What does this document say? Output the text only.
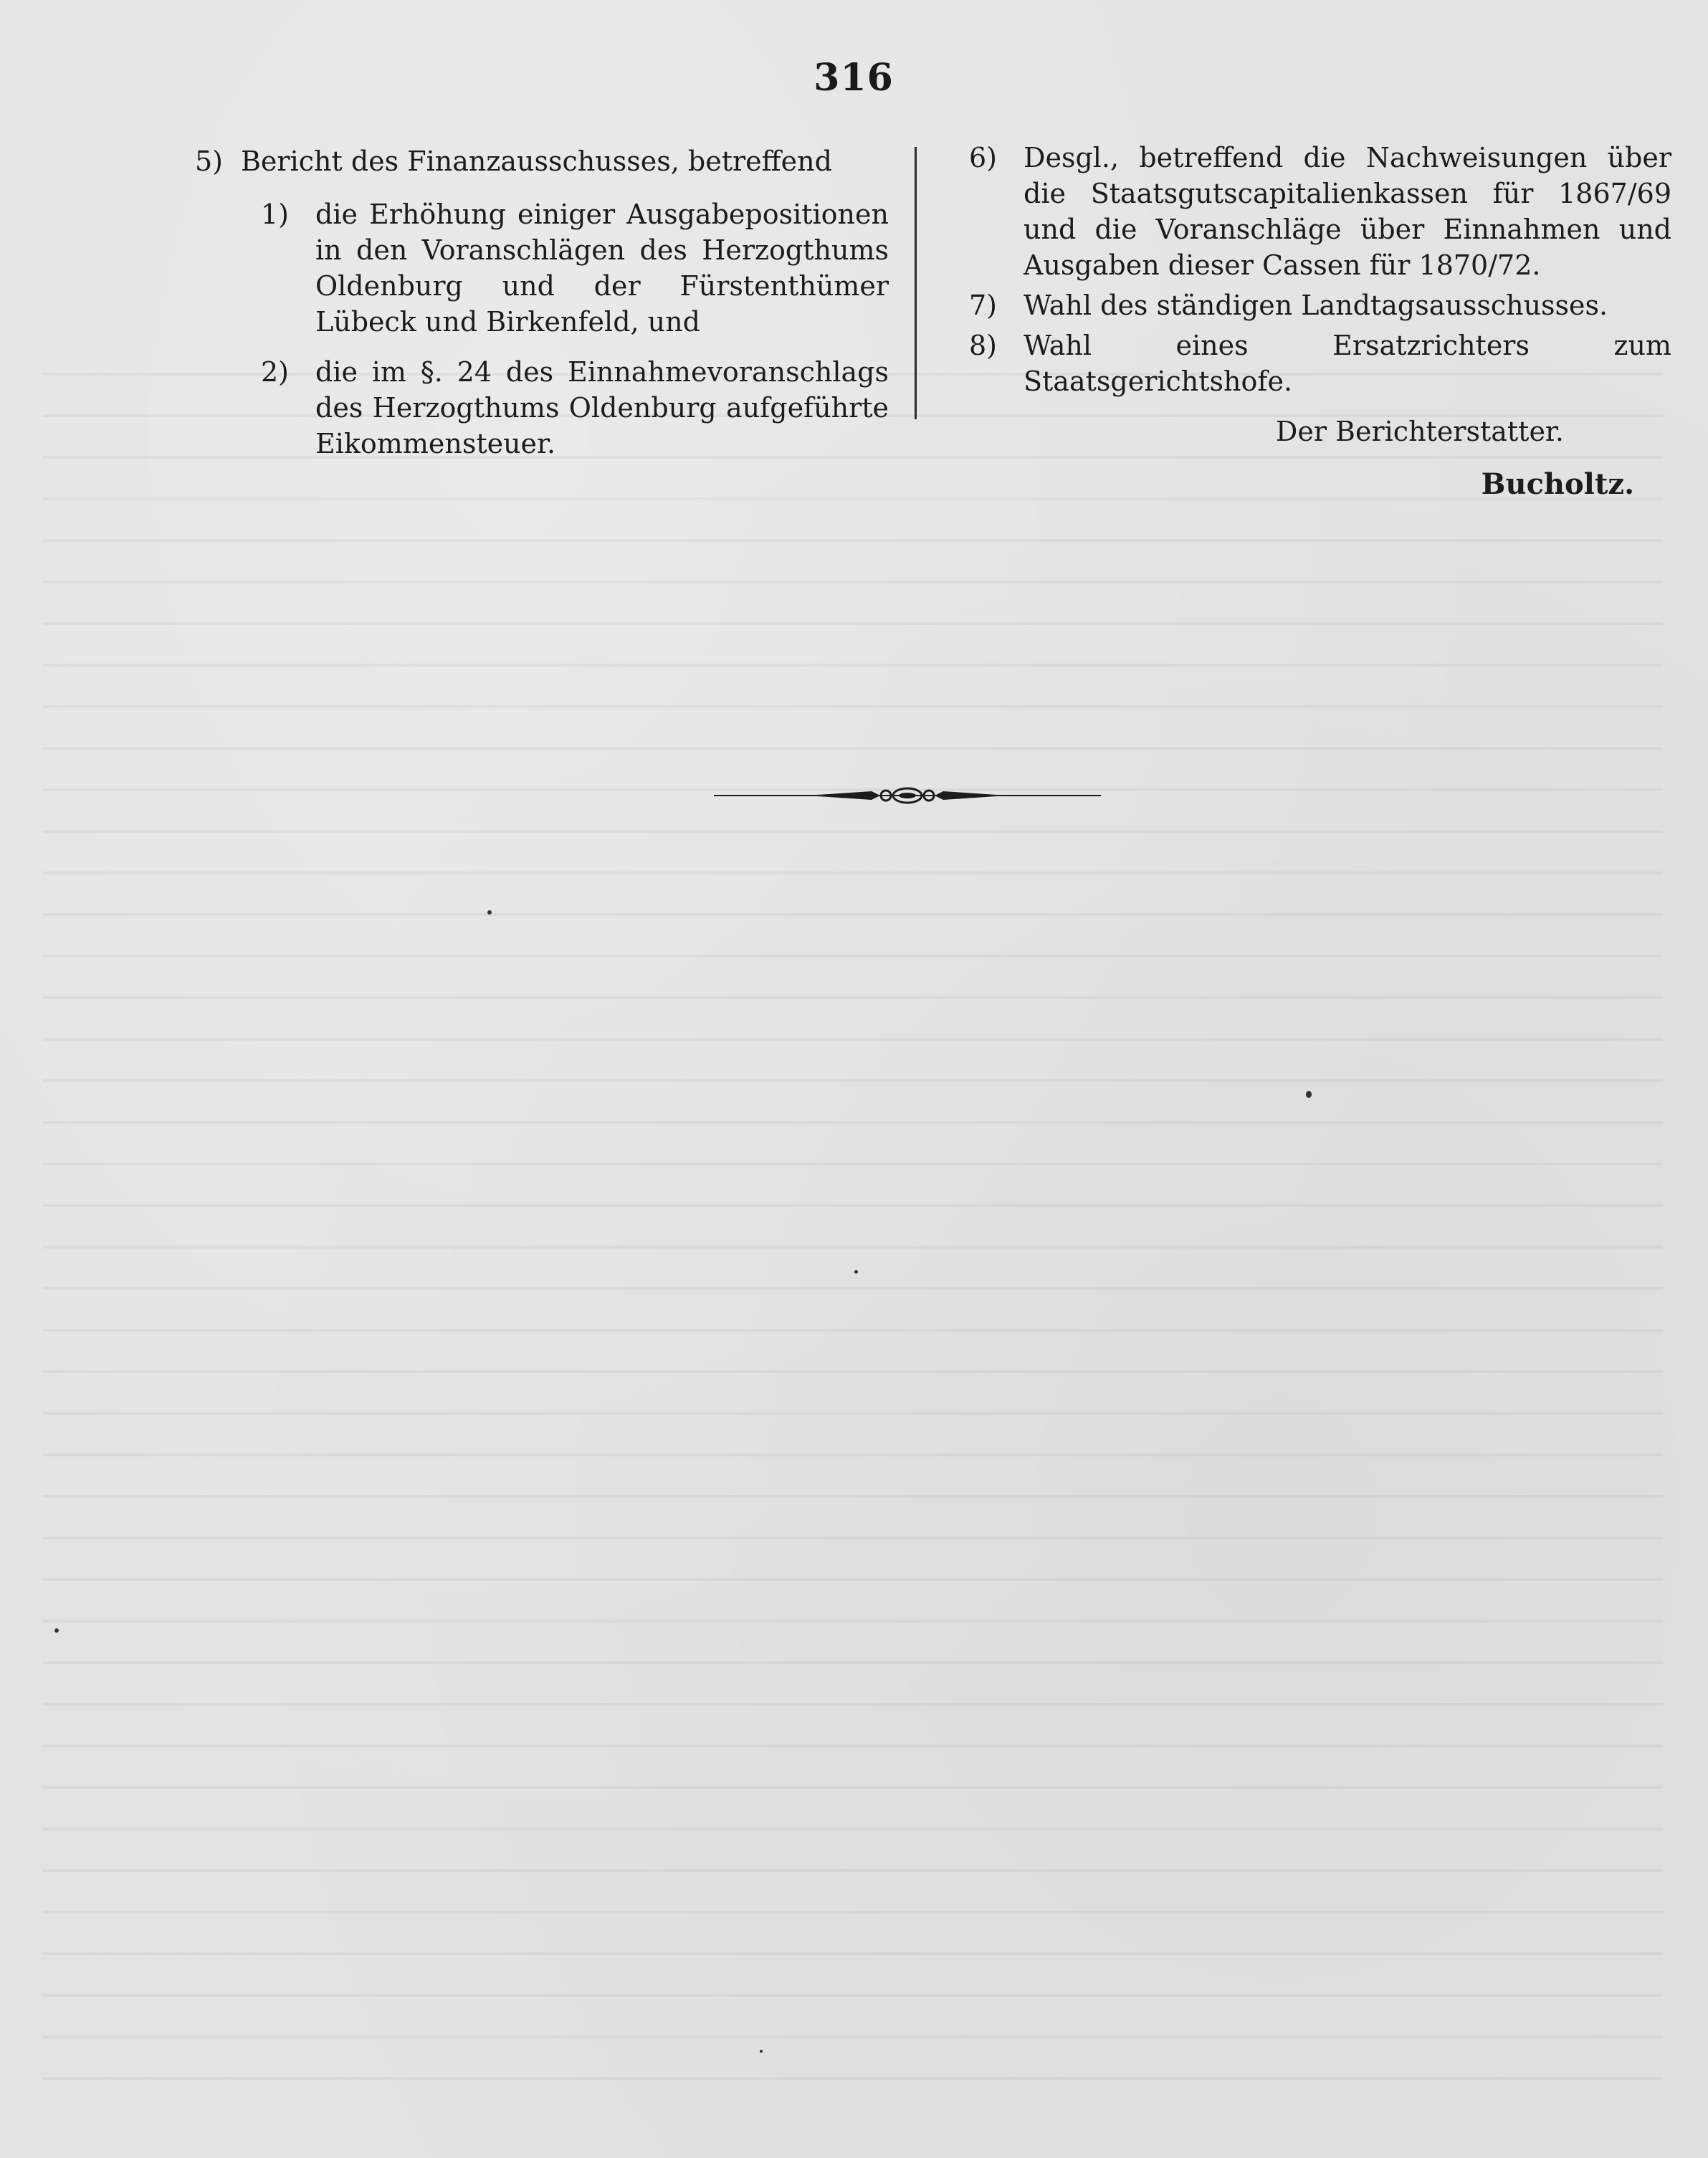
316
5) Bericht des Finanzausschusses, betreffend
1) die Erhöhung einiger Ausgabepositionen in den Voranschlägen des Herzogthums Oldenburg und der Fürstenthümer Lübeck und Birkenfeld, und
2) die im §. 24 des Einnahmevoranschlags des Herzogthums Oldenburg aufgeführte Eikommensteuer.
6) Desgl., betreffend die Nachweisungen über die Staatsgutscapitalienkassen für 1867/69 und die Voranschläge über Einnahmen und Ausgaben dieser Cassen für 1870/72.
7) Wahl des ständigen Landtagsausschusses.
8) Wahl eines Ersatzrichters zum Staatsgerichtshofe.
Der Berichterstatter.
Bucholtz.
